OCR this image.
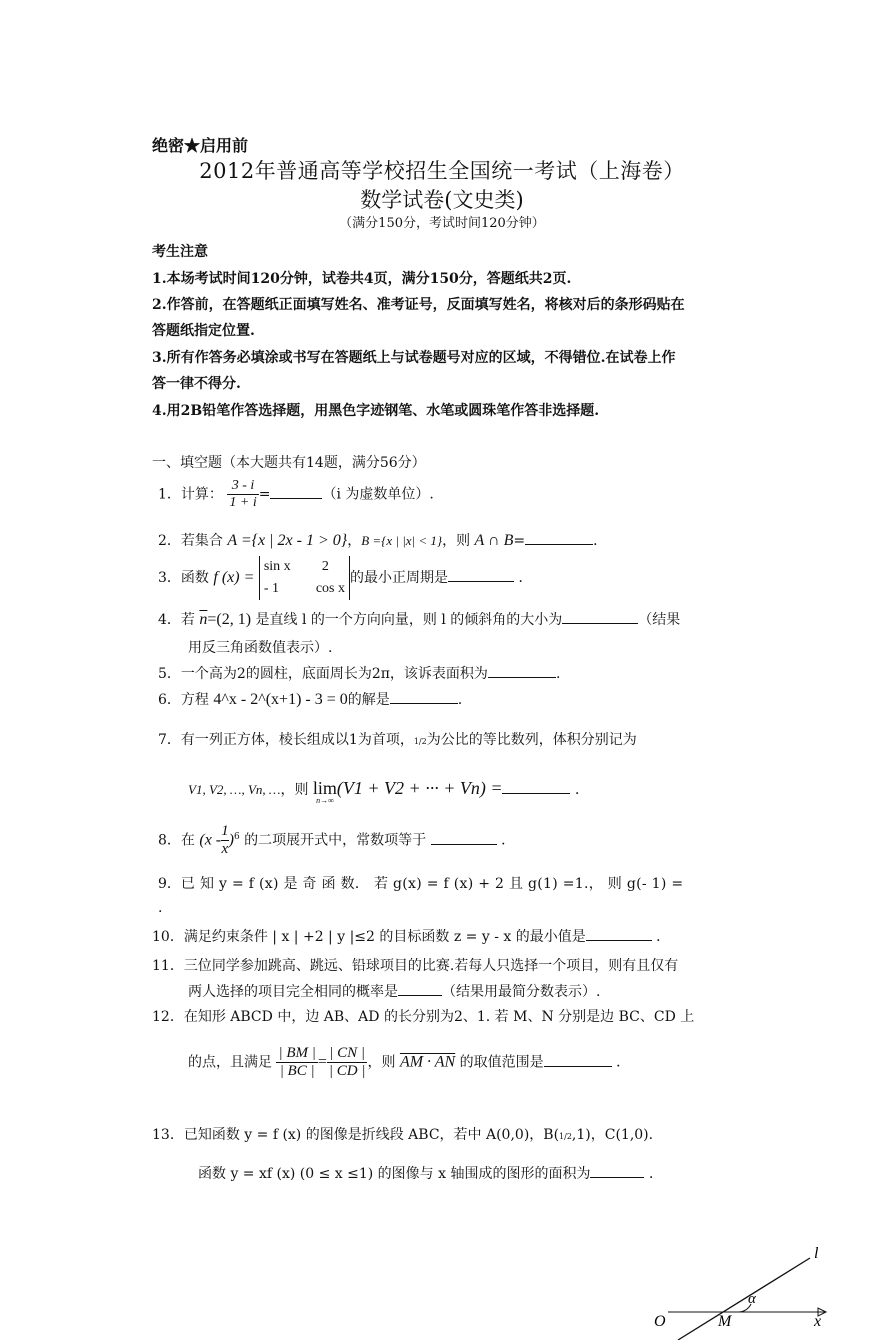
绝密★启用前
2012年普通高等学校招生全国统一考试（上海卷）
数学试卷(文史类)
（满分150分，考试时间120分钟）
考生注意
1.本场考试时间120分钟，试卷共4页，满分150分，答题纸共2页.
2.作答前，在答题纸正面填写姓名、准考证号，反面填写姓名，将核对后的条形码贴在
答题纸指定位置.
3.所有作答务必填涂或书写在答题纸上与试卷题号对应的区域，不得错位.在试卷上作
答一律不得分.
4.用2B铅笔作答选择题，用黑色字迹钢笔、水笔或圆珠笔作答非选择题.
一、填空题（本大题共有14题，满分56分）
1．计算： $\frac{3 - i}{1 + i}$ =	（i 为虚数单位）.
2．若集合 A ={x | 2x - 1 > 0}，B ={x | |x| < 1}，则 A ∩ B=	．
3．函数 f (x) =
sin x 2
- 1	cos x
的最小正周期是	．
4．若 $\overline{n}=(2$, 1) 是直线 l 的一个方向向量，则 l 的倾斜角的大小为	（结果
用反三角函数值表示）.
5．一个高为2的圆柱，底面周长为2π，该诉表面积为	.
6．方程 4^x - 2^(x+1) - 3 = 0的解是	.
7．有一列正方体，棱长组成以1为首项，1/2为公比的等比数列，体积分别记为
V1, V2, …, Vn, …，则 lim
n→∞
(V1 + V2 + ··· + Vn) =	．
8．在 $(x - \frac{1}{x} )^6$ 的二项展开式中，常数项等于	．
9．已 知 y = f (x) 是 奇 函 数． 若 g(x) = f (x) + 2 且 g(1) =1.， 则 g(- 1) =
.
10．满足约束条件 | x | +2 | y |≤2 的目标函数 z = y - x 的最小值是	．
11．三位同学参加跳高、跳远、铅球项目的比赛.若每人只选择一个项目，则有且仅有
两人选择的项目完全相同的概率是	（结果用最简分数表示）.
12．在知形 ABCD 中，边 AB、AD 的长分别为2、1. 若 M、N 分别是边 BC、CD 上
的点，且满足 $\frac{| BM |}{| BC |} = \frac{| CN |}{| CD |}$ ，则 AM · AN 的取值范围是	．
13．已知函数 y = f (x) 的图像是折线段 ABC，若中 A(0,0)，B(1/2,1)，C(1,0).
函数 y = xf (x) (0 ≤ x ≤1) 的图像与 x 轴围成的图形的面积为	．
l
O	M	x
α
